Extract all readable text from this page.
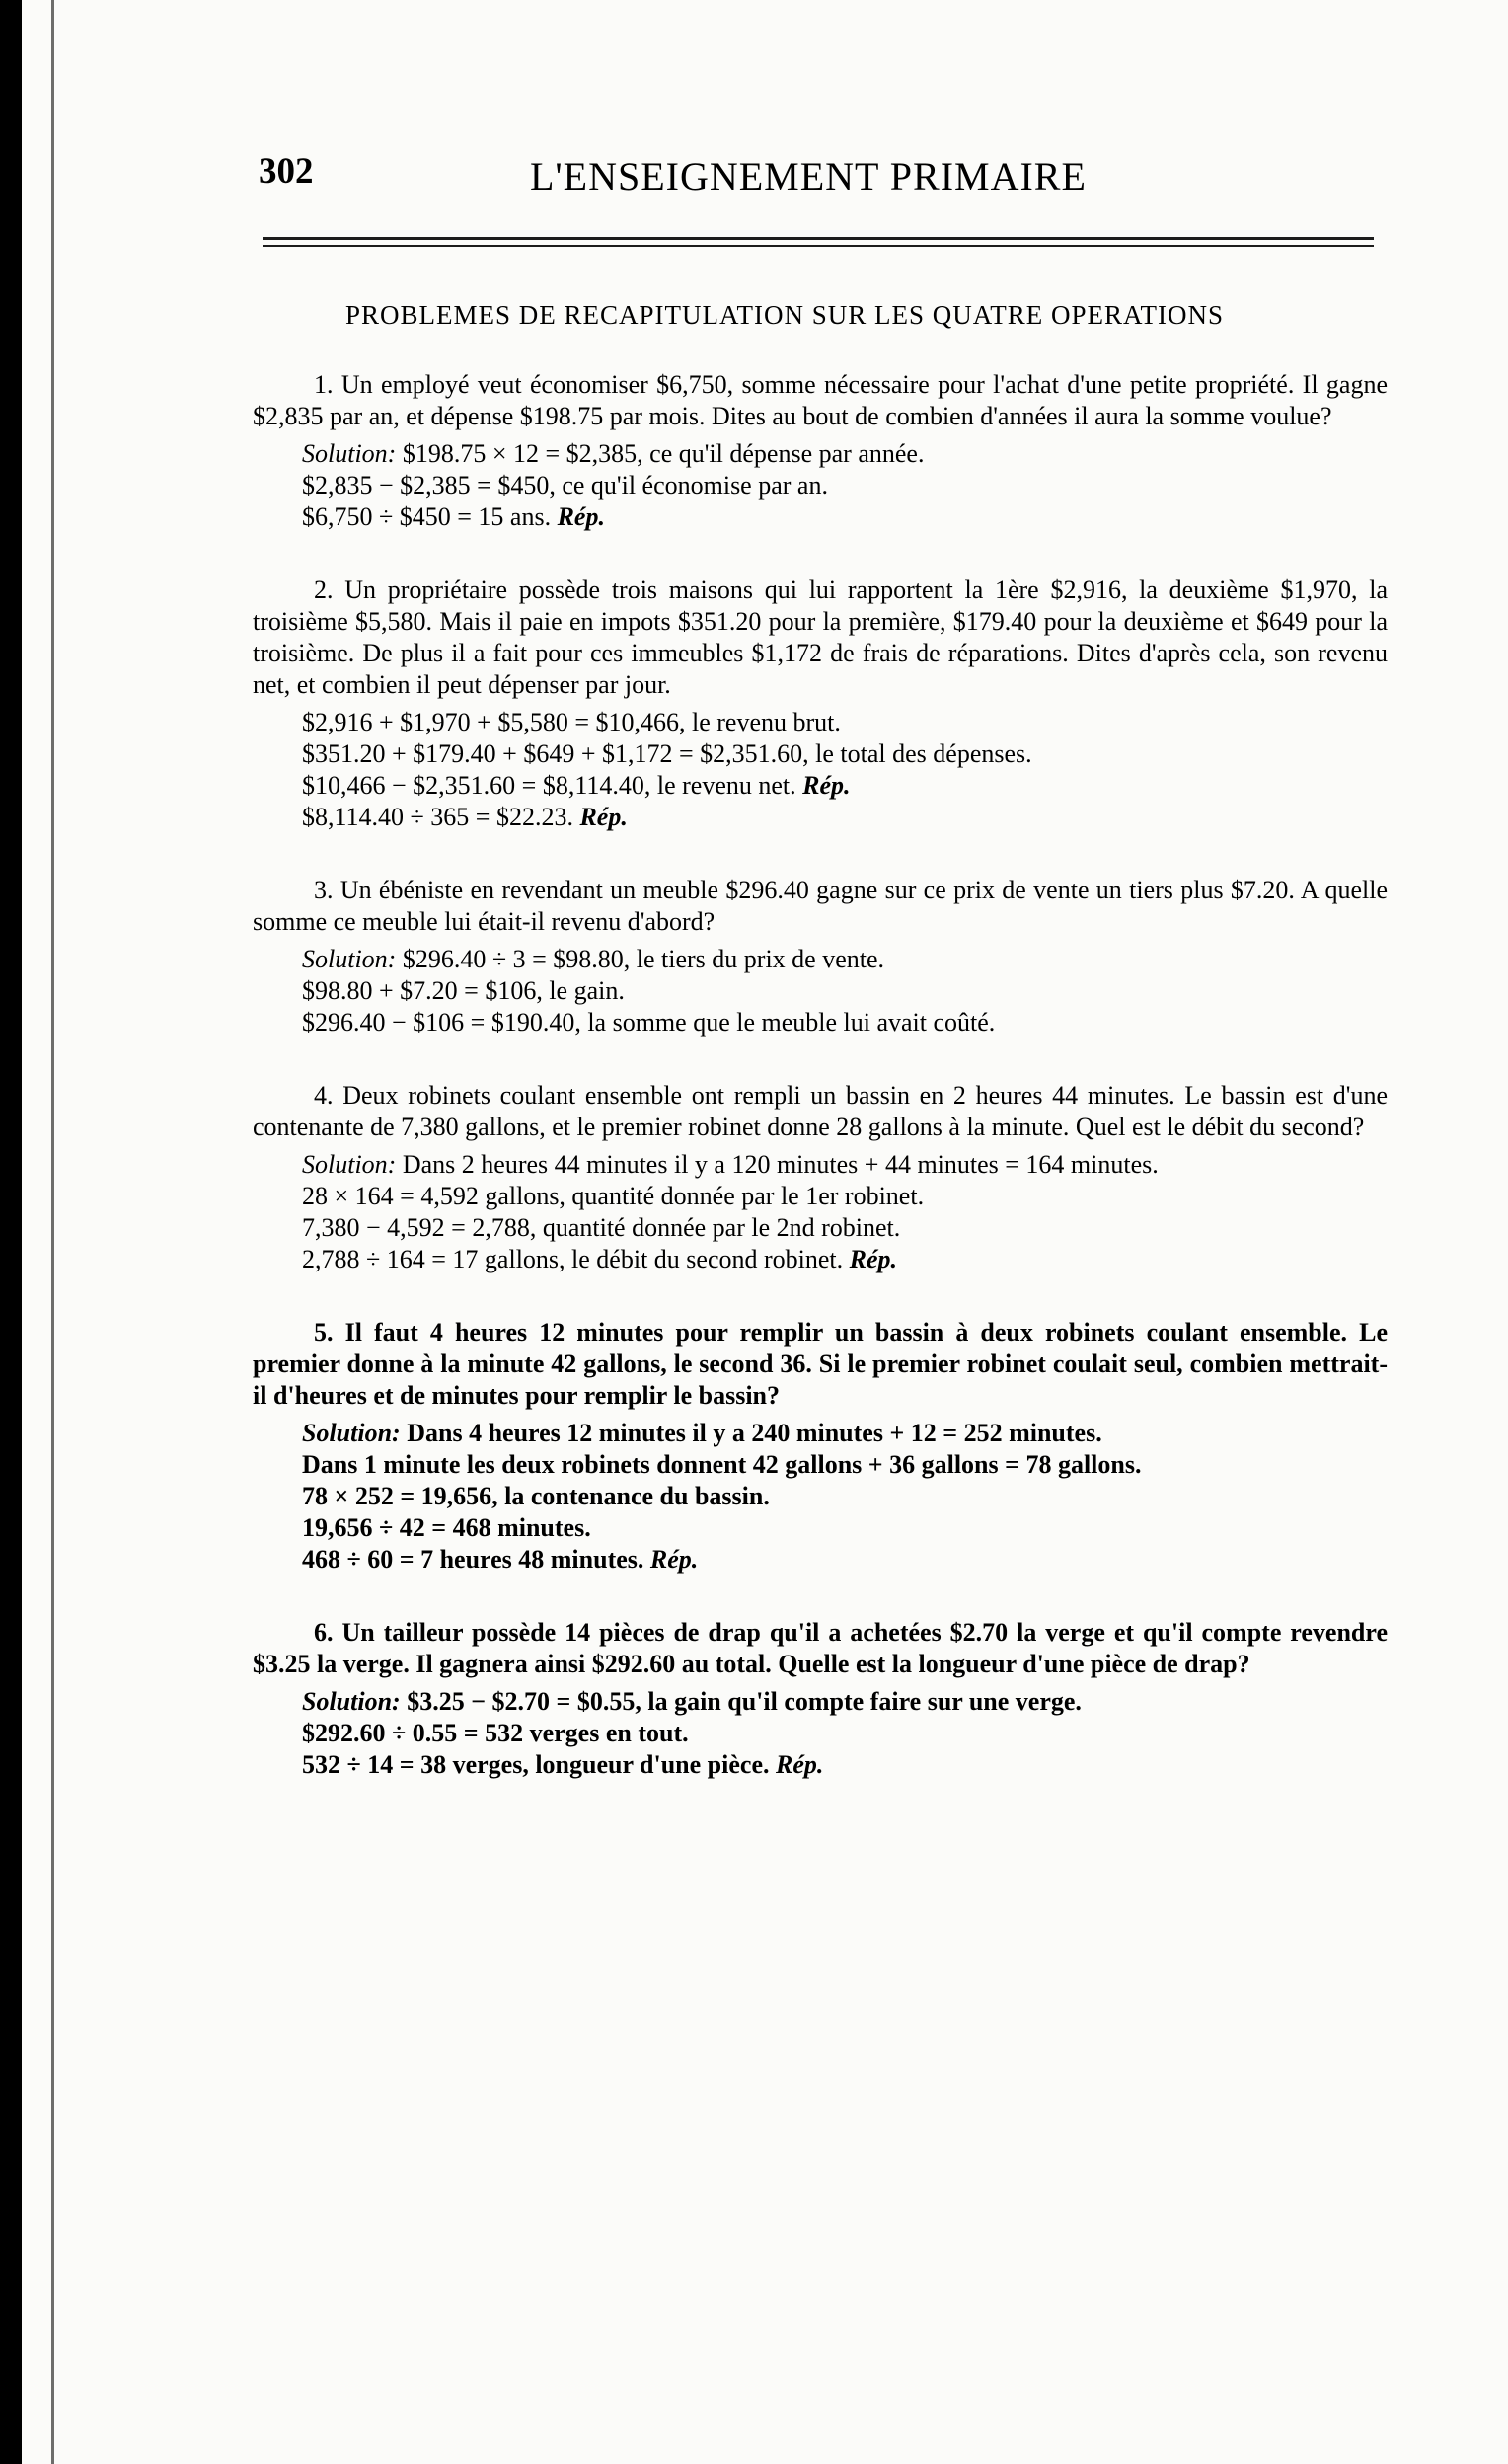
302	L'ENSEIGNEMENT PRIMAIRE
PROBLEMES DE RECAPITULATION SUR LES QUATRE OPERATIONS

1. Un employé veut économiser $6,750, somme nécessaire pour l'achat d'une petite propriété. Il gagne $2,835 par an, et dépense $198.75 par mois. Dites au bout de combien d'années il aura la somme voulue?

Solution: $198.75 × 12 = $2,385, ce qu'il dépense par année.
$2,835 − $2,385 = $450, ce qu'il économise par an.
$6,750 ÷ $450 = 15 ans. Rép.

2. Un propriétaire possède trois maisons qui lui rapportent la 1ère $2,916, la deuxième $1,970, la troisième $5,580. Mais il paie en impots $351.20 pour la première, $179.40 pour la deuxième et $649 pour la troisième. De plus il a fait pour ces immeubles $1,172 de frais de réparations. Dites d'après cela, son revenu net, et combien il peut dépenser par jour.

$2,916 + $1,970 + $5,580 = $10,466, le revenu brut.
$351.20 + $179.40 + $649 + $1,172 = $2,351.60, le total des dépenses.
$10,466 − $2,351.60 = $8,114.40, le revenu net. Rép.
$8,114.40 ÷ 365 = $22.23. Rép.

3. Un ébéniste en revendant un meuble $296.40 gagne sur ce prix de vente un tiers plus $7.20. A quelle somme ce meuble lui était-il revenu d'abord?

Solution: $296.40 ÷ 3 = $98.80, le tiers du prix de vente.
$98.80 + $7.20 = $106, le gain.
$296.40 − $106 = $190.40, la somme que le meuble lui avait coûté.

4. Deux robinets coulant ensemble ont rempli un bassin en 2 heures 44 minutes. Le bassin est d'une contenante de 7,380 gallons, et le premier robinet donne 28 gallons à la minute. Quel est le débit du second?

Solution: Dans 2 heures 44 minutes il y a 120 minutes + 44 minutes = 164 minutes.
28 × 164 = 4,592 gallons, quantité donnée par le 1er robinet.
7,380 − 4,592 = 2,788, quantité donnée par le 2nd robinet.
2,788 ÷ 164 = 17 gallons, le débit du second robinet. Rép.

5. Il faut 4 heures 12 minutes pour remplir un bassin à deux robinets coulant ensemble. Le premier donne à la minute 42 gallons, le second 36. Si le premier robinet coulait seul, combien mettrait-il d'heures et de minutes pour remplir le bassin?

Solution: Dans 4 heures 12 minutes il y a 240 minutes + 12 = 252 minutes.
Dans 1 minute les deux robinets donnent 42 gallons + 36 gallons = 78 gallons.
78 × 252 = 19,656, la contenance du bassin.
19,656 ÷ 42 = 468 minutes.
468 ÷ 60 = 7 heures 48 minutes. Rép.

6. Un tailleur possède 14 pièces de drap qu'il a achetées $2.70 la verge et qu'il compte revendre $3.25 la verge. Il gagnera ainsi $292.60 au total. Quelle est la longueur d'une pièce de drap?

Solution: $3.25 − $2.70 = $0.55, la gain qu'il compte faire sur une verge.
$292.60 ÷ 0.55 = 532 verges en tout.
532 ÷ 14 = 38 verges, longueur d'une pièce. Rép.
